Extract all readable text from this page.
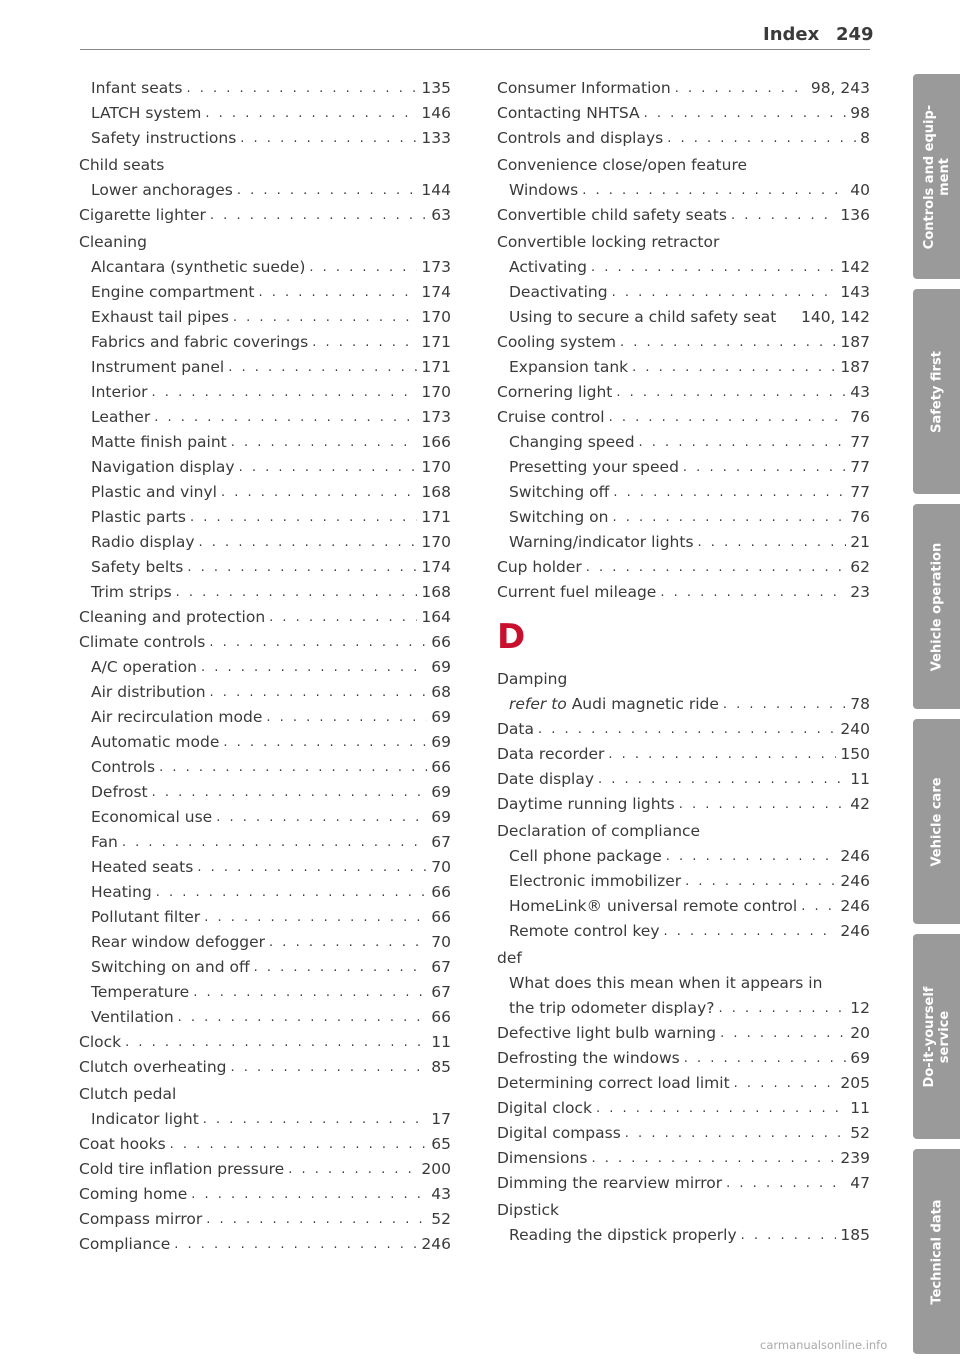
Index 249
Infant seats . . .	135
LATCH system . . .	146
Safety instructions . . .	133
Child seats
Lower anchorages . . .	144
Cigarette lighter . . .	63
Cleaning
Alcantara (synthetic suede) . . .	173
Engine compartment . . .	174
Exhaust tail pipes . . .	170
Fabrics and fabric coverings . . .	171
Instrument panel . . .	171
Interior . . .	170
Leather . . .	173
Matte finish paint . . .	166
Navigation display . . .	170
Plastic and vinyl . . .	168
Plastic parts . . .	171
Radio display . . .	170
Safety belts . . .	174
Trim strips . . .	168
Cleaning and protection . . .	164
Climate controls . . .	66
A/C operation . . .	69
Air distribution . . .	68
Air recirculation mode . . .	69
Automatic mode . . .	69
Controls . . .	66
Defrost . . .	69
Economical use . . .	69
Fan . . .	67
Heated seats . . .	70
Heating . . .	66
Pollutant filter . . .	66
Rear window defogger . . .	70
Switching on and off . . .	67
Temperature . . .	67
Ventilation . . .	66
Clock . . .	11
Clutch overheating . . .	85
Clutch pedal
Indicator light . . .	17
Coat hooks . . .	65
Cold tire inflation pressure . . .	200
Coming home . . .	43
Compass mirror . . .	52
Compliance . . .	246
Consumer Information . . .	98, 243
Contacting NHTSA . . .	98
Controls and displays . . .	8
Convenience close/open feature
Windows . . .	40
Convertible child safety seats . . .	136
Convertible locking retractor
Activating . . .	142
Deactivating . . .	143
Using to secure a child safety seat 140, 142
Cooling system . . .	187
Expansion tank . . .	187
Cornering light . . .	43
Cruise control . . .	76
Changing speed . . .	77
Presetting your speed . . .	77
Switching off . . .	77
Switching on . . .	76
Warning/indicator lights . . .	21
Cup holder . . .	62
Current fuel mileage . . .	23
D
Damping
refer to Audi magnetic ride . . .	78
Data . . .	240
Data recorder . . .	150
Date display . . .	11
Daytime running lights . . .	42
Declaration of compliance
Cell phone package . . .	246
Electronic immobilizer . . .	246
HomeLink® universal remote control . . .	246
Remote control key . . .	246
def
What does this mean when it appears in
the trip odometer display? . . .	12
Defective light bulb warning . . .	20
Defrosting the windows . . .	69
Determining correct load limit . . .	205
Digital clock . . .	11
Digital compass . . .	52
Dimensions . . .	239
Dimming the rearview mirror . . .	47
Dipstick
Reading the dipstick properly . . .	185
Controls and equip-
ment
Safety first
Vehicle operation
Vehicle care
Do-it-yourself
service
Technical data
carmanualsonline.info
